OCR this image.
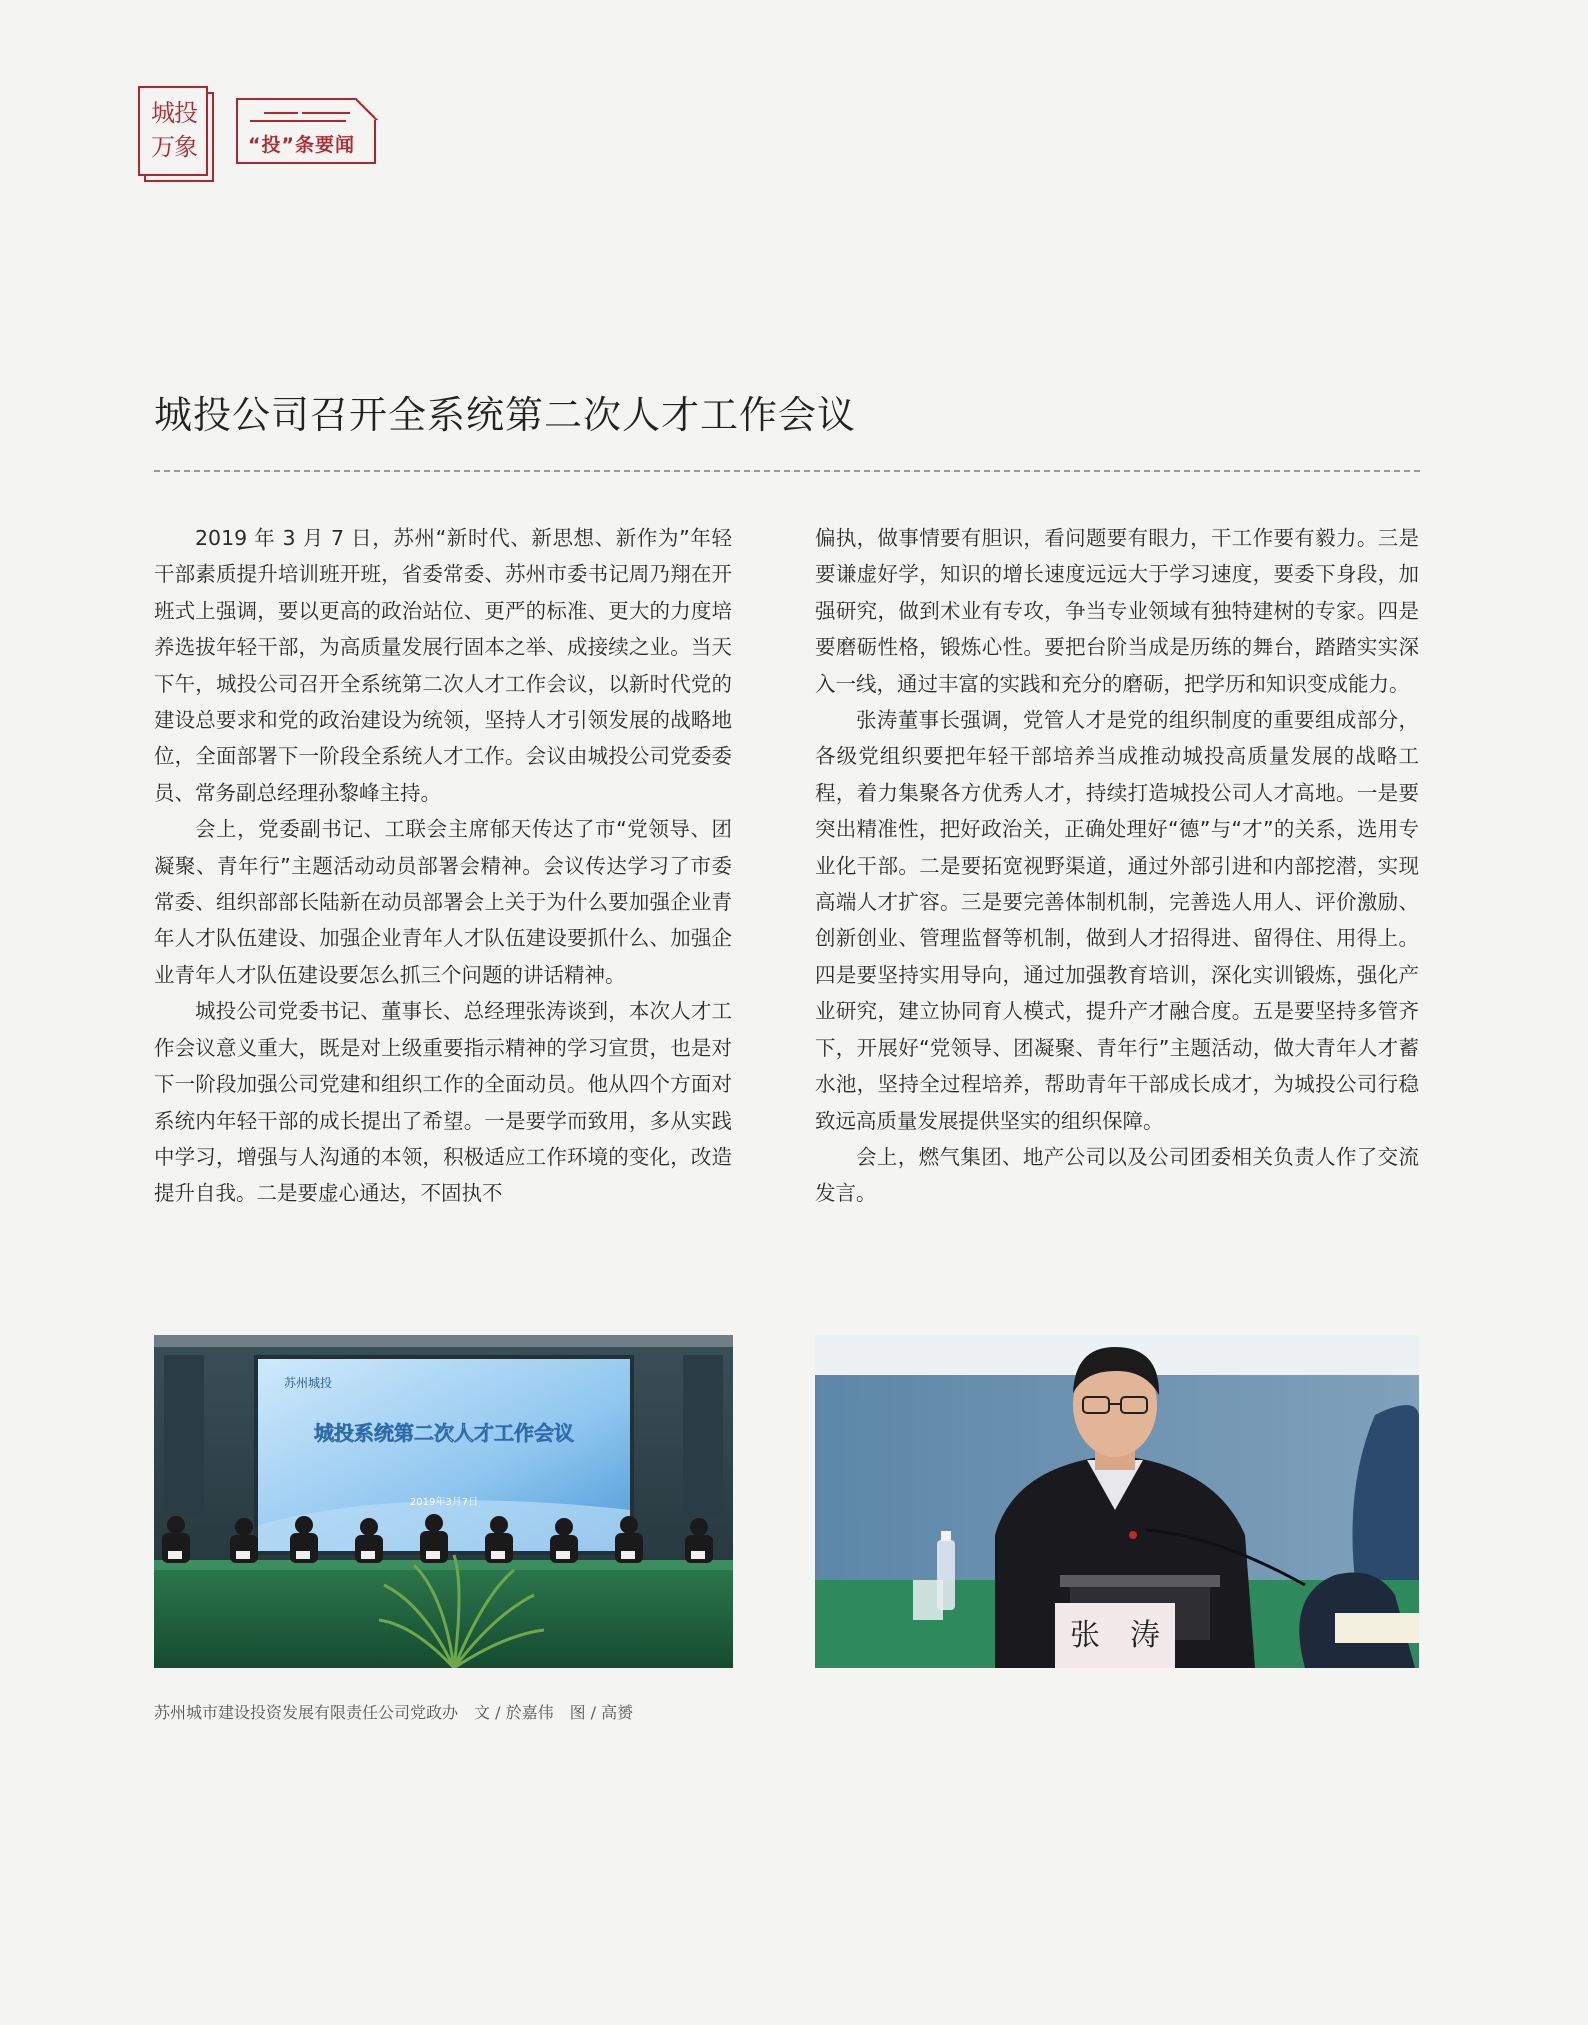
城投
万象	“投”条要闻
城投公司召开全系统第二次人才工作会议

2019 年 3 月 7 日，苏州“新时代、新思想、新作为”年轻干部素质提升培训班开班，省委常委、苏州市委书记周乃翔在开班式上强调，要以更高的政治站位、更严的标准、更大的力度培养选拔年轻干部，为高质量发展行固本之举、成接续之业。当天下午，城投公司召开全系统第二次人才工作会议，以新时代党的建设总要求和党的政治建设为统领，坚持人才引领发展的战略地位，全面部署下一阶段全系统人才工作。会议由城投公司党委委员、常务副总经理孙黎峰主持。

会上，党委副书记、工联会主席郁天传达了市“党领导、团凝聚、青年行”主题活动动员部署会精神。会议传达学习了市委常委、组织部部长陆新在动员部署会上关于为什么要加强企业青年人才队伍建设、加强企业青年人才队伍建设要抓什么、加强企业青年人才队伍建设要怎么抓三个问题的讲话精神。

城投公司党委书记、董事长、总经理张涛谈到，本次人才工作会议意义重大，既是对上级重要指示精神的学习宣贯，也是对下一阶段加强公司党建和组织工作的全面动员。他从四个方面对系统内年轻干部的成长提出了希望。一是要学而致用，多从实践中学习，增强与人沟通的本领，积极适应工作环境的变化，改造提升自我。二是要虚心通达，不固执不

偏执，做事情要有胆识，看问题要有眼力，干工作要有毅力。三是要谦虚好学，知识的增长速度远远大于学习速度，要委下身段，加强研究，做到术业有专攻，争当专业领域有独特建树的专家。四是要磨砺性格，锻炼心性。要把台阶当成是历练的舞台，踏踏实实深入一线，通过丰富的实践和充分的磨砺，把学历和知识变成能力。

张涛董事长强调，党管人才是党的组织制度的重要组成部分，各级党组织要把年轻干部培养当成推动城投高质量发展的战略工程，着力集聚各方优秀人才，持续打造城投公司人才高地。一是要突出精准性，把好政治关，正确处理好“德”与“才”的关系，选用专业化干部。二是要拓宽视野渠道，通过外部引进和内部挖潜，实现高端人才扩容。三是要完善体制机制，完善选人用人、评价激励、创新创业、管理监督等机制，做到人才招得进、留得住、用得上。四是要坚持实用导向，通过加强教育培训，深化实训锻炼，强化产业研究，建立协同育人模式，提升产才融合度。五是要坚持多管齐下，开展好“党领导、团凝聚、青年行”主题活动，做大青年人才蓄水池，坚持全过程培养，帮助青年干部成长成才，为城投公司行稳致远高质量发展提供坚实的组织保障。

会上，燃气集团、地产公司以及公司团委相关负责人作了交流发言。

苏州城投
城投系统第二次人才工作会议
2019年3月7日
张　涛
苏州城市建设投资发展有限责任公司党政办　文 / 於嘉伟　图 / 高赟
